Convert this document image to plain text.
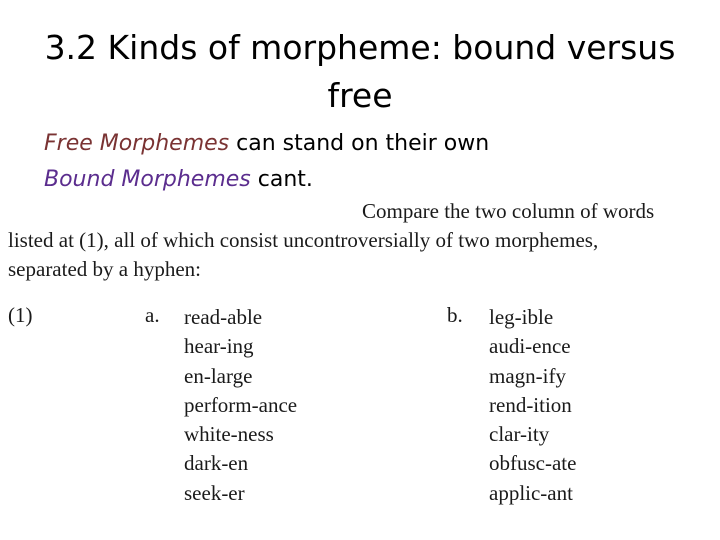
3.2 Kinds of morpheme: bound versus free
Free Morphemes can stand on their own
Bound Morphemes cant.
Compare the two column of words
listed at (1), all of which consist uncontroversially of two morphemes,
separated by a hyphen:
(1)	a. read-able
hear-ing
en-large
perform-ance
white-ness
dark-en
seek-er
b. leg-ible
audi-ence
magn-ify
rend-ition
clar-ity
obfusc-ate
applic-ant
